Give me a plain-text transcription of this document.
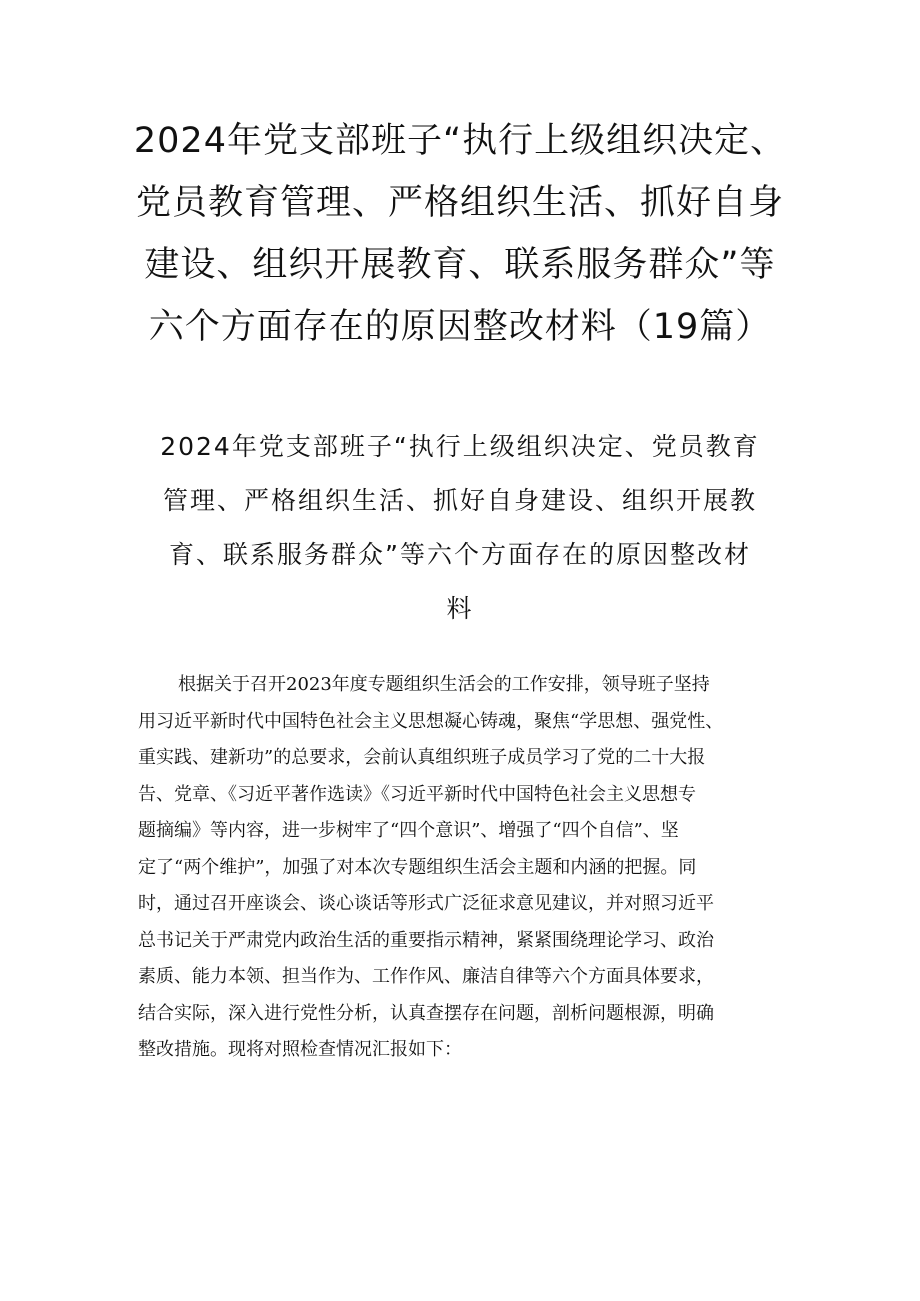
2024年党支部班子“执行上级组织决定、
党员教育管理、严格组织生活、抓好自身
建设、组织开展教育、联系服务群众”等
六个方面存在的原因整改材料（19篇）
2024年党支部班子“执行上级组织决定、党员教育
管理、严格组织生活、抓好自身建设、组织开展教
育、联系服务群众”等六个方面存在的原因整改材
料
根据关于召开2023年度专题组织生活会的工作安排，领导班子坚持
用习近平新时代中国特色社会主义思想凝心铸魂，聚焦“学思想、强党性、
重实践、建新功”的总要求，会前认真组织班子成员学习了党的二十大报
告、党章、《习近平著作选读》《习近平新时代中国特色社会主义思想专
题摘编》等内容，进一步树牢了“四个意识”、增强了“四个自信”、坚
定了“两个维护”，加强了对本次专题组织生活会主题和内涵的把握。同
时，通过召开座谈会、谈心谈话等形式广泛征求意见建议，并对照习近平
总书记关于严肃党内政治生活的重要指示精神，紧紧围绕理论学习、政治
素质、能力本领、担当作为、工作作风、廉洁自律等六个方面具体要求，
结合实际，深入进行党性分析，认真查摆存在问题，剖析问题根源，明确
整改措施。现将对照检查情况汇报如下：
